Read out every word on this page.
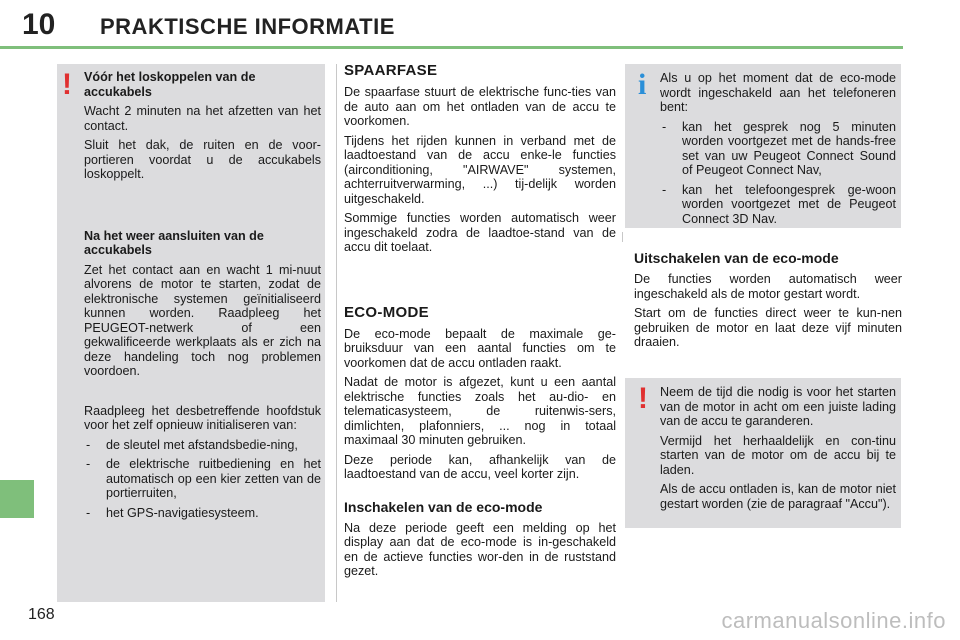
10 PRAKTISCHE INFORMATIE
! Vóór het loskoppelen van de accukabels

Wacht 2 minuten na het afzetten van het contact.

Sluit het dak, de ruiten en de voor-portieren voordat u de accukabels loskoppelt.

Na het weer aansluiten van de accukabels

Zet het contact aan en wacht 1 mi-nuut alvorens de motor te starten, zodat de elektronische systemen geïnitialiseerd kunnen worden. Raadpleeg het PEUGEOT-netwerk of een gekwalificeerde werkplaats als er zich na deze handeling toch nog problemen voordoen.

Raadpleeg het desbetreffende hoofdstuk voor het zelf opnieuw initialiseren van:

- de sleutel met afstandsbedie-ning,
- de elektrische ruitbediening en het automatisch op een kier zetten van de portierruiten,
- het GPS-navigatiesysteem.

SPAARFASE

De spaarfase stuurt de elektrische func-ties van de auto aan om het ontladen van de accu te voorkomen.

Tijdens het rijden kunnen in verband met de laadtoestand van de accu enke-le functies (airconditioning, "AIRWAVE" systemen, achterruitverwarming, ...) tij-delijk worden uitgeschakeld.

Sommige functies worden automatisch weer ingeschakeld zodra de laadtoe-stand van de accu dit toelaat.

ECO-MODE

De eco-mode bepaalt de maximale ge-bruiksduur van een aantal functies om te voorkomen dat de accu ontladen raakt.

Nadat de motor is afgezet, kunt u een aantal elektrische functies zoals het au-dio- en telematicasysteem, de ruitenwis-sers, dimlichten, plafonniers, ... nog in totaal maximaal 30 minuten gebruiken.

Deze periode kan, afhankelijk van de laadtoestand van de accu, veel korter zijn.

Inschakelen van de eco-mode

Na deze periode geeft een melding op het display aan dat de eco-mode is in-geschakeld en de actieve functies wor-den in de ruststand gezet.

i Als u op het moment dat de eco-mode wordt ingeschakeld aan het telefoneren bent:

- kan het gesprek nog 5 minuten worden voortgezet met de hands-free set van uw Peugeot Connect Sound of Peugeot Connect Nav,
- kan het telefoongesprek ge-woon worden voortgezet met de Peugeot Connect 3D Nav.

Uitschakelen van de eco-mode

De functies worden automatisch weer ingeschakeld als de motor gestart wordt.

Start om de functies direct weer te kun-nen gebruiken de motor en laat deze vijf minuten draaien.

! Neem de tijd die nodig is voor het starten van de motor in acht om een juiste lading van de accu te garanderen.

Vermijd het herhaaldelijk en con-tinu starten van de motor om de accu bij te laden.

Als de accu ontladen is, kan de motor niet gestart worden (zie de paragraaf "Accu").

168	carmanualsonline.info
